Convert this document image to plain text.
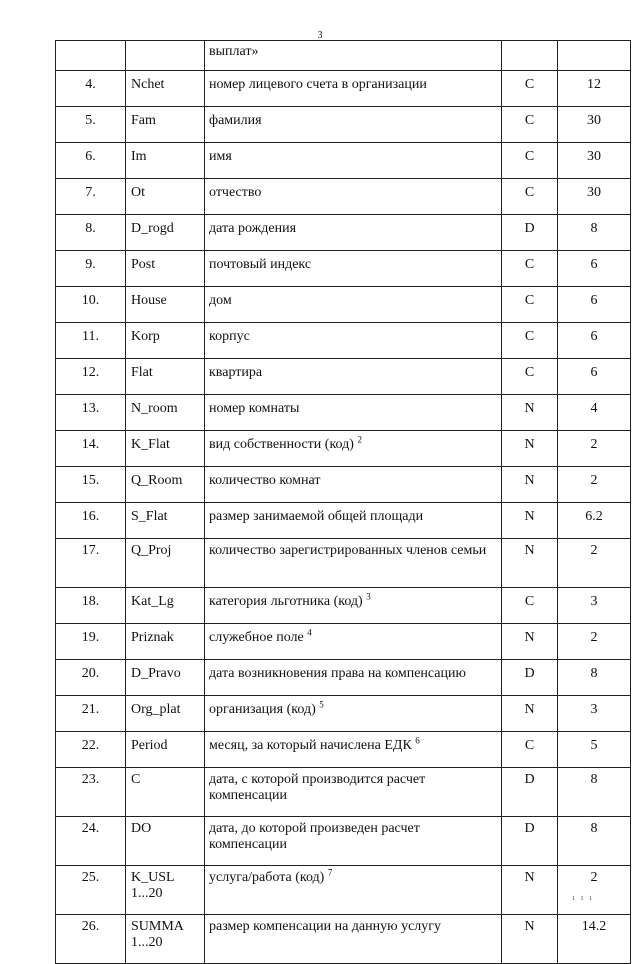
3
		выплат»		
4.	Nchet	номер лицевого счета в организации	C	12
5.	Fam	фамилия	C	30
6.	Im	имя	C	30
7.	Ot	отчество	C	30
8.	D_rogd	дата рождения	D	8
9.	Post	почтовый индекс	C	6
10.	House	дом	C	6
11.	Korp	корпус	C	6
12.	Flat	квартира	C	6
13.	N_room	номер комнаты	N	4
14.	K_Flat	вид собственности (код) $^2$	N	2
15.	Q_Room	количество комнат	N	2
16.	S_Flat	размер занимаемой общей площади	N	6.2
17.	Q_Proj	количество зарегистрированных членов семьи	N	2
18.	Kat_Lg	категория льготника (код) $^3$	C	3
19.	Priznak	служебное поле $^4$	N	2
20.	D_Pravo	дата возникновения права на компенсацию	D	8
21.	Org_plat	организация (код) $^5$	N	3
22.	Period	месяц, за который начислена ЕДК $^6$	C	5
23.	C	дата, с которой производится расчет компенсации	D	8
24.	DO	дата, до которой произведен расчет компенсации	D	8
25.	K_USL 1...20	услуга/работа (код) $^7$	N	2
26.	SUMMA 1...20	размер компенсации на данную услугу	N	14.2
1 1 1
